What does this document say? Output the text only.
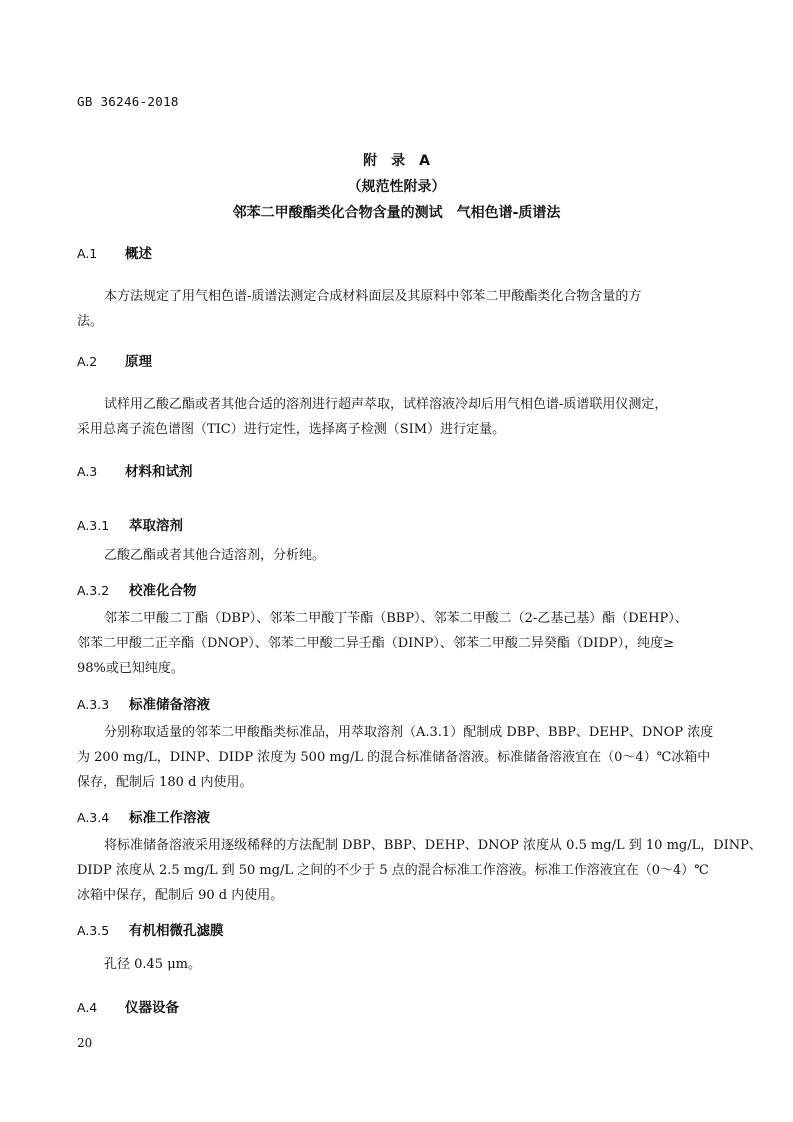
GB 36246-2018
附　录　A
（规范性附录）
邻苯二甲酸酯类化合物含量的测试　气相色谱-质谱法
A.1 概述
本方法规定了用气相色谱-质谱法测定合成材料面层及其原料中邻苯二甲酸酯类化合物含量的方
法。
A.2 原理
试样用乙酸乙酯或者其他合适的溶剂进行超声萃取，试样溶液冷却后用气相色谱-质谱联用仪测定，
采用总离子流色谱图（TIC）进行定性，选择离子检测（SIM）进行定量。
A.3 材料和试剂
A.3.1 萃取溶剂
乙酸乙酯或者其他合适溶剂，分析纯。
A.3.2 校准化合物
邻苯二甲酸二丁酯（DBP）、邻苯二甲酸丁苄酯（BBP）、邻苯二甲酸二（2-乙基己基）酯（DEHP）、
邻苯二甲酸二正辛酯（DNOP）、邻苯二甲酸二异壬酯（DINP）、邻苯二甲酸二异癸酯（DIDP），纯度≥
98%或已知纯度。
A.3.3 标准储备溶液
分别称取适量的邻苯二甲酸酯类标准品，用萃取溶剂（A.3.1）配制成 DBP、BBP、DEHP、DNOP 浓度
为 200 mg/L，DINP、DIDP 浓度为 500 mg/L 的混合标准储备溶液。标准储备溶液宜在（0～4）℃冰箱中
保存，配制后 180 d 内使用。
A.3.4 标准工作溶液
将标准储备溶液采用逐级稀释的方法配制 DBP、BBP、DEHP、DNOP 浓度从 0.5 mg/L 到 10 mg/L，DINP、
DIDP 浓度从 2.5 mg/L 到 50 mg/L 之间的不少于 5 点的混合标准工作溶液。标准工作溶液宜在（0～4）℃
冰箱中保存，配制后 90 d 内使用。
A.3.5 有机相微孔滤膜
孔径 0.45 μm。
A.4 仪器设备
20
